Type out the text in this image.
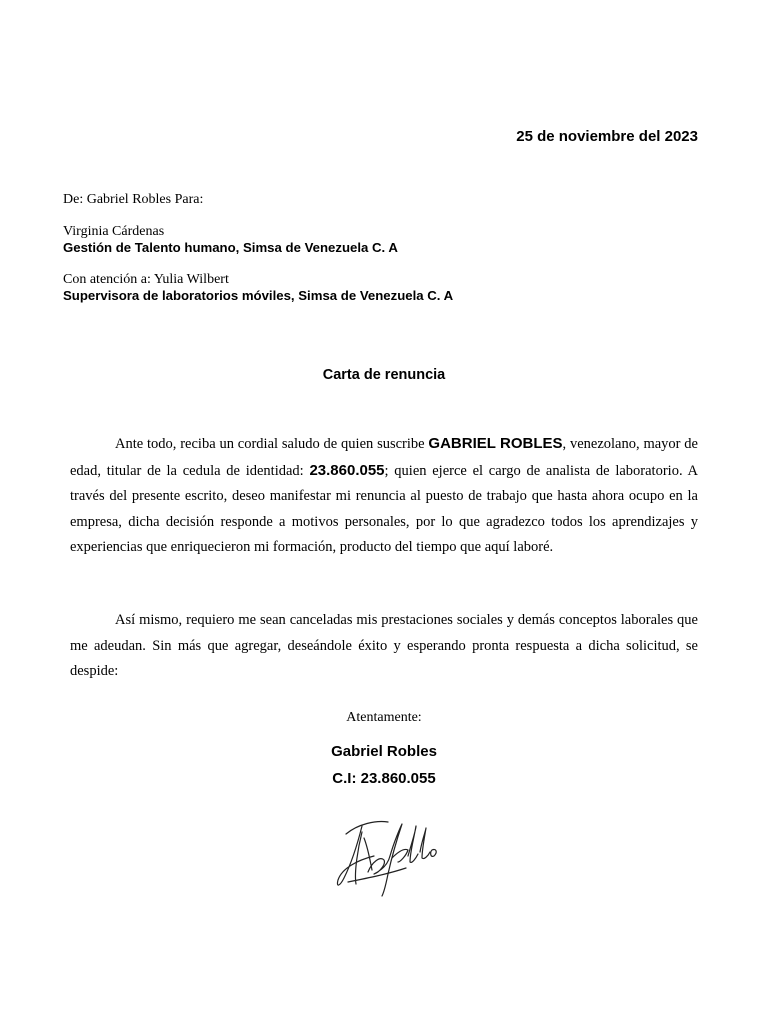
25 de noviembre del 2023
De: Gabriel Robles Para:
Virginia Cárdenas
Gestión de Talento humano, Simsa de Venezuela C. A
Con atención a: Yulia Wilbert
Supervisora de laboratorios móviles, Simsa de Venezuela C. A
Carta de renuncia

Ante todo, reciba un cordial saludo de quien suscribe GABRIEL ROBLES, venezolano, mayor de edad, titular de la cedula de identidad: 23.860.055; quien ejerce el cargo de analista de laboratorio. A través del presente escrito, deseo manifestar mi renuncia al puesto de trabajo que hasta ahora ocupo en la empresa, dicha decisión responde a motivos personales, por lo que agradezco todos los aprendizajes y experiencias que enriquecieron mi formación, producto del tiempo que aquí laboré.

Así mismo, requiero me sean canceladas mis prestaciones sociales y demás conceptos laborales que me adeudan. Sin más que agregar, deseándole éxito y esperando pronta respuesta a dicha solicitud, se despide:

Atentamente:
Gabriel Robles
C.I: 23.860.055
